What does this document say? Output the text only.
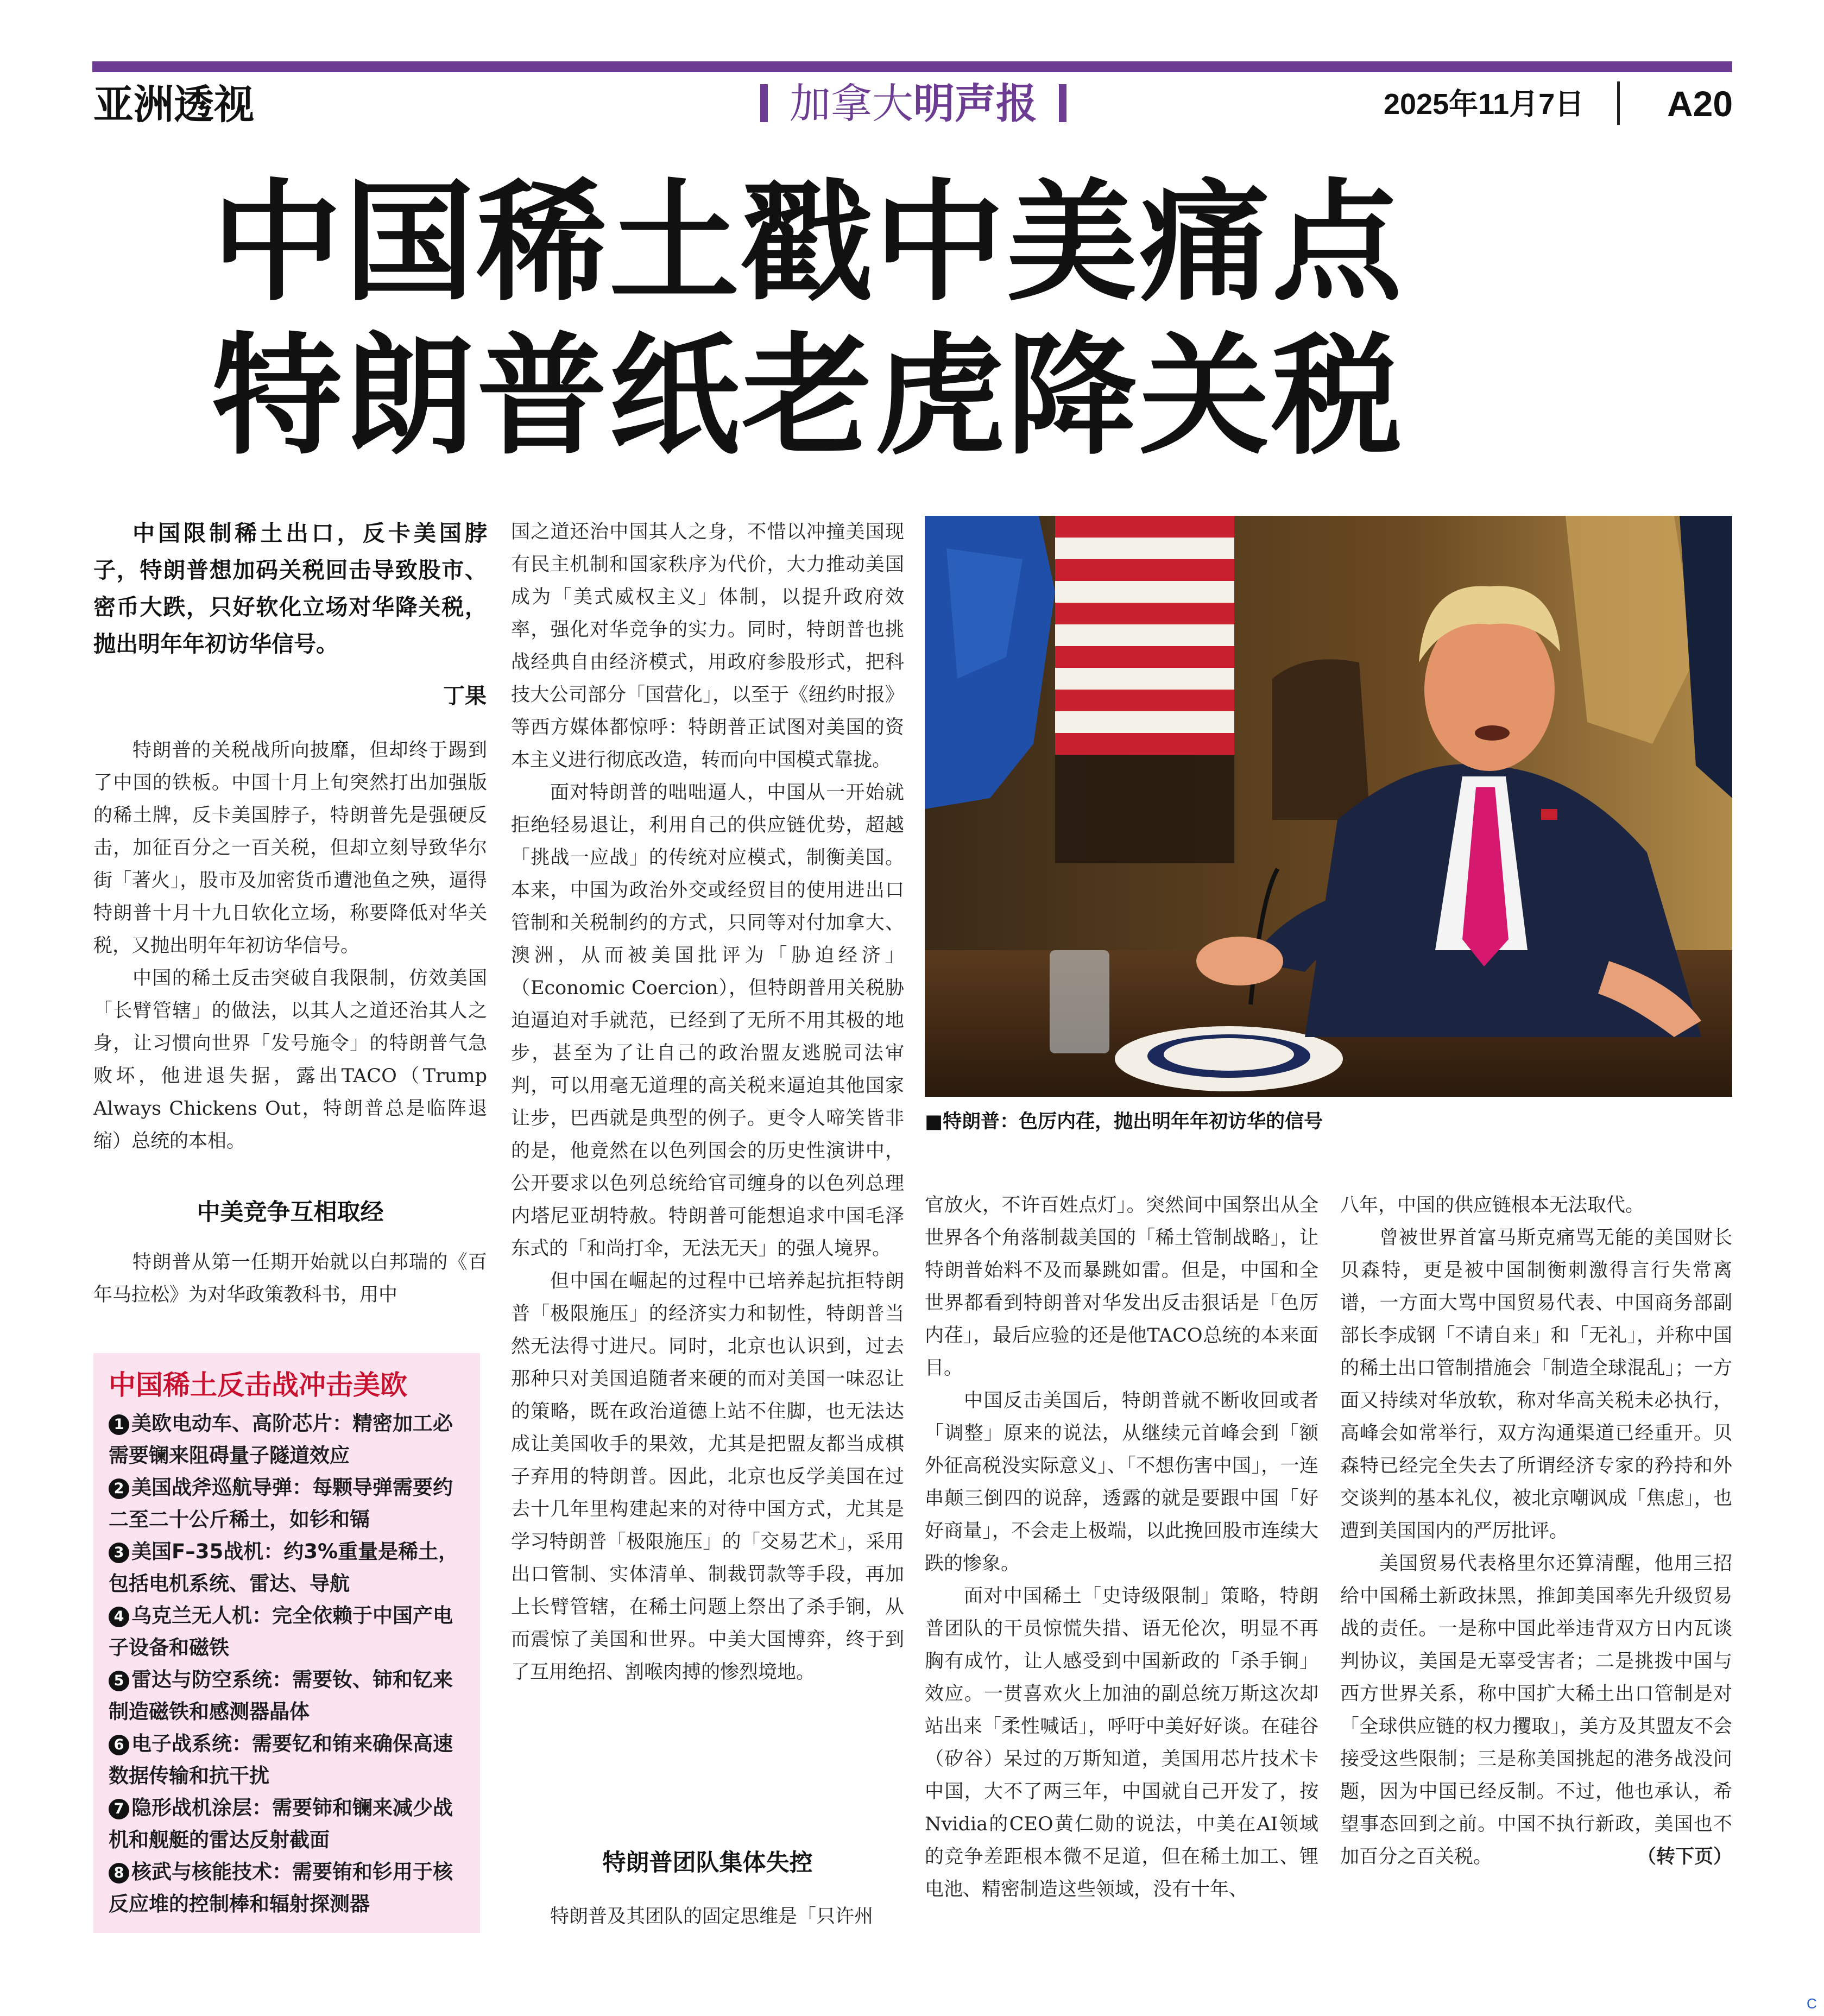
亚洲透视	加拿大明声报	2025年11月7日 A20
中国稀土戳中美痛点
特朗普纸老虎降关税
中国限制稀土出口，反卡美国脖子，特朗普想加码关税回击导致股市、密币大跌，只好软化立场对华降关税，抛出明年年初访华信号。
丁果

特朗普的关税战所向披靡，但却终于踢到了中国的铁板。中国十月上旬突然打出加强版的稀土牌，反卡美国脖子，特朗普先是强硬反击，加征百分之一百关税，但却立刻导致华尔街「著火」，股市及加密货币遭池鱼之殃，逼得特朗普十月十九日软化立场，称要降低对华关税，又抛出明年年初访华信号。

中国的稀土反击突破自我限制，仿效美国「长臂管辖」的做法，以其人之道还治其人之身，让习惯向世界「发号施令」的特朗普气急败坏，他进退失据，露出TACO（Trump Always Chickens Out，特朗普总是临阵退缩）总统的本相。

中美竞争互相取经

特朗普从第一任期开始就以白邦瑞的《百年马拉松》为对华政策教科书，用中

中国稀土反击战冲击美欧
1 美欧电动车、高阶芯片：精密加工必需要镧来阻碍量子隧道效应
2 美国战斧巡航导弹：每颗导弹需要约二至二十公斤稀土，如钐和镉
3 美国F–35战机：约3%重量是稀土，包括电机系统、雷达、导航
4 乌克兰无人机：完全依赖于中国产电子设备和磁铁
5 雷达与防空系统：需要钕、铈和钇来制造磁铁和感测器晶体
6 电子战系统：需要钇和铕来确保高速数据传输和抗干扰
7 隐形战机涂层：需要铈和镧来减少战机和舰艇的雷达反射截面
8 核武与核能技术：需要铕和钐用于核反应堆的控制棒和辐射探测器

国之道还治中国其人之身，不惜以冲撞美国现有民主机制和国家秩序为代价，大力推动美国成为「美式威权主义」体制，以提升政府效率，强化对华竞争的实力。同时，特朗普也挑战经典自由经济模式，用政府参股形式，把科技大公司部分「国营化」，以至于《纽约时报》等西方媒体都惊呼：特朗普正试图对美国的资本主义进行彻底改造，转而向中国模式靠拢。

面对特朗普的咄咄逼人，中国从一开始就拒绝轻易退让，利用自己的供应链优势，超越「挑战一应战」的传统对应模式，制衡美国。本来，中国为政治外交或经贸目的使用进出口管制和关税制约的方式，只同等对付加拿大、澳洲，从而被美国批评为「胁迫经济」（Economic Coercion），但特朗普用关税胁迫逼迫对手就范，已经到了无所不用其极的地步，甚至为了让自己的政治盟友逃脱司法审判，可以用毫无道理的高关税来逼迫其他国家让步，巴西就是典型的例子。更令人啼笑皆非的是，他竟然在以色列国会的历史性演讲中，公开要求以色列总统给官司缠身的以色列总理内塔尼亚胡特赦。特朗普可能想追求中国毛泽东式的「和尚打伞，无法无天」的强人境界。

但中国在崛起的过程中已培养起抗拒特朗普「极限施压」的经济实力和韧性，特朗普当然无法得寸进尺。同时，北京也认识到，过去那种只对美国追随者来硬的而对美国一味忍让的策略，既在政治道德上站不住脚，也无法达成让美国收手的果效，尤其是把盟友都当成棋子弃用的特朗普。因此，北京也反学美国在过去十几年里构建起来的对待中国方式，尤其是学习特朗普「极限施压」的「交易艺术」，采用出口管制、实体清单、制裁罚款等手段，再加上长臂管辖，在稀土问题上祭出了杀手锏，从而震惊了美国和世界。中美大国博弈，终于到了互用绝招、割喉肉搏的惨烈境地。

特朗普团队集体失控

特朗普及其团队的固定思维是「只许州

■特朗普：色厉内荏，抛出明年年初访华的信号

官放火，不许百姓点灯」。突然间中国祭出从全世界各个角落制裁美国的「稀土管制战略」，让特朗普始料不及而暴跳如雷。但是，中国和全世界都看到特朗普对华发出反击狠话是「色厉内荏」，最后应验的还是他TACO总统的本来面目。

中国反击美国后，特朗普就不断收回或者「调整」原来的说法，从继续元首峰会到「额外征高税没实际意义」、「不想伤害中国」，一连串颠三倒四的说辞，透露的就是要跟中国「好好商量」，不会走上极端，以此挽回股市连续大跌的惨象。

面对中国稀土「史诗级限制」策略，特朗普团队的干员惊慌失措、语无伦次，明显不再胸有成竹，让人感受到中国新政的「杀手锏」效应。一贯喜欢火上加油的副总统万斯这次却站出来「柔性喊话」，呼吁中美好好谈。在硅谷（矽谷）呆过的万斯知道，美国用芯片技术卡中国，大不了两三年，中国就自己开发了，按Nvidia的CEO黄仁勋的说法，中美在AI领域的竞争差距根本微不足道，但在稀土加工、锂电池、精密制造这些领域，没有十年、

八年，中国的供应链根本无法取代。

曾被世界首富马斯克痛骂无能的美国财长贝森特，更是被中国制衡刺激得言行失常离谱，一方面大骂中国贸易代表、中国商务部副部长李成钢「不请自来」和「无礼」，并称中国的稀土出口管制措施会「制造全球混乱」；一方面又持续对华放软，称对华高关税未必执行，高峰会如常举行，双方沟通渠道已经重开。贝森特已经完全失去了所谓经济专家的矜持和外交谈判的基本礼仪，被北京嘲讽成「焦虑」，也遭到美国国内的严厉批评。

美国贸易代表格里尔还算清醒，他用三招给中国稀土新政抹黑，推卸美国率先升级贸易战的责任。一是称中国此举违背双方日内瓦谈判协议，美国是无辜受害者；二是挑拨中国与西方世界关系，称中国扩大稀土出口管制是对「全球供应链的权力攫取」，美方及其盟友不会接受这些限制；三是称美国挑起的港务战没问题，因为中国已经反制。不过，他也承认，希望事态回到之前。中国不执行新政，美国也不加百分之百关税。	（转下页）

C
